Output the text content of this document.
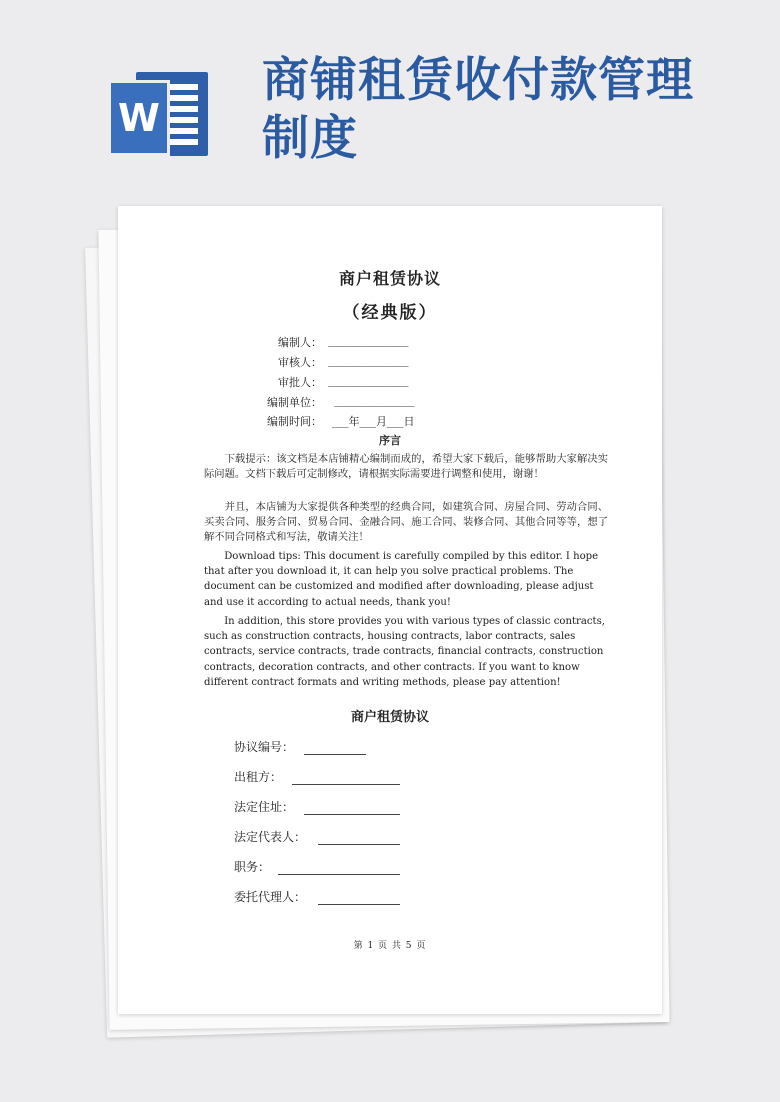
W
商铺租赁收付款管理制度
商户租赁协议
（经典版）
编制人： ________________
审核人： ________________
审批人： ________________
编制单位： ________________
编制时间： ___年___月___日
序言
下载提示：该文档是本店铺精心编制而成的，希望大家下载后，能够帮助大家解决实际问题。文档下载后可定制修改，请根据实际需要进行调整和使用，谢谢！
并且，本店铺为大家提供各种类型的经典合同，如建筑合同、房屋合同、劳动合同、买卖合同、服务合同、贸易合同、金融合同、施工合同、装修合同、其他合同等等，想了解不同合同格式和写法，敬请关注！
Download tips: This document is carefully compiled by this editor. I hope that after you download it, it can help you solve practical problems. The document can be customized and modified after downloading, please adjust and use it according to actual needs, thank you!
In addition, this store provides you with various types of classic contracts, such as construction contracts, housing contracts, labor contracts, sales contracts, service contracts, trade contracts, financial contracts, construction contracts, decoration contracts, and other contracts. If you want to know different contract formats and writing methods, please pay attention!
商户租赁协议
协议编号：
出租方：
法定住址：
法定代表人：
职务：
委托代理人：
第 1 页 共 5 页
